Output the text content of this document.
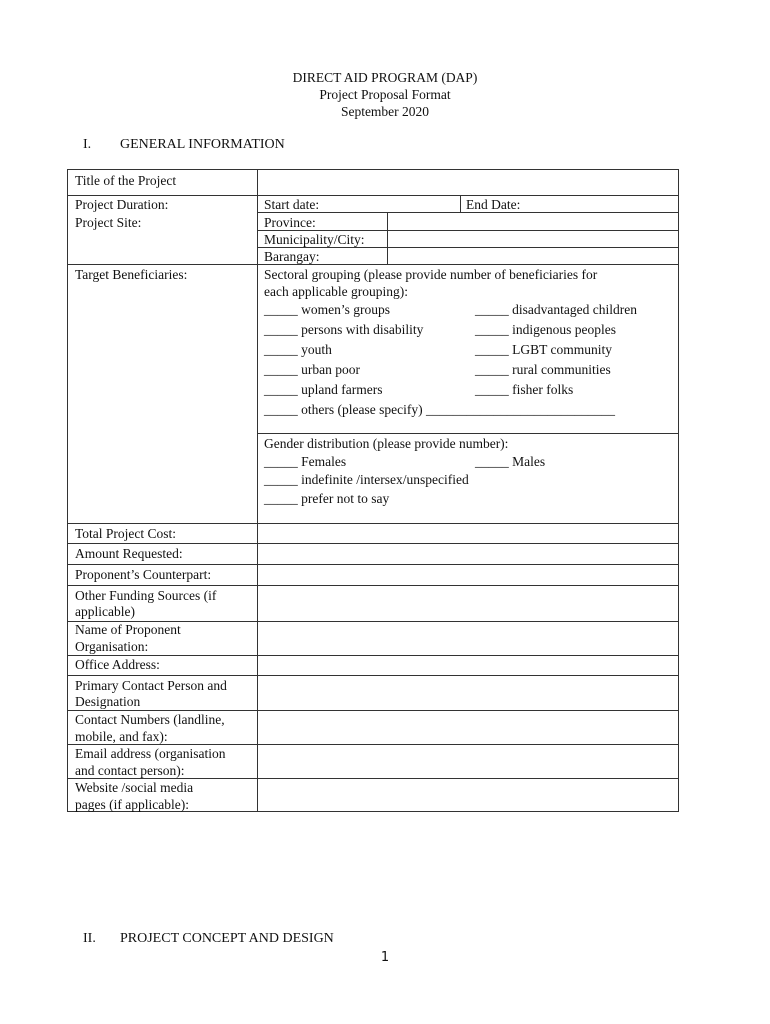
DIRECT AID PROGRAM (DAP)
Project Proposal Format
September 2020
I. GENERAL INFORMATION
Title of the Project
Project Duration:	Start date:	End Date:
Project Site:	Province:
Municipality/City:
Barangay:
Target Beneficiaries:	Sectoral grouping (please provide number of beneficiaries for
each applicable grouping):
_____ women’s groups	_____ disadvantaged children
_____ persons with disability	_____ indigenous peoples
_____ youth	_____ LGBT community
_____ urban poor	_____ rural communities
_____ upland farmers	_____ fisher folks
_____ others (please specify) ____________________________
Gender distribution (please provide number):
_____ Females	_____ Males
_____ indefinite /intersex/unspecified
_____ prefer not to say
Total Project Cost:
Amount Requested:
Proponent’s Counterpart:
Other Funding Sources (if
applicable)
Name of Proponent
Organisation:
Office Address:
Primary Contact Person and
Designation
Contact Numbers (landline,
mobile, and fax):
Email address (organisation
and contact person):
Website /social media
pages (if applicable):
II. PROJECT CONCEPT AND DESIGN
1
